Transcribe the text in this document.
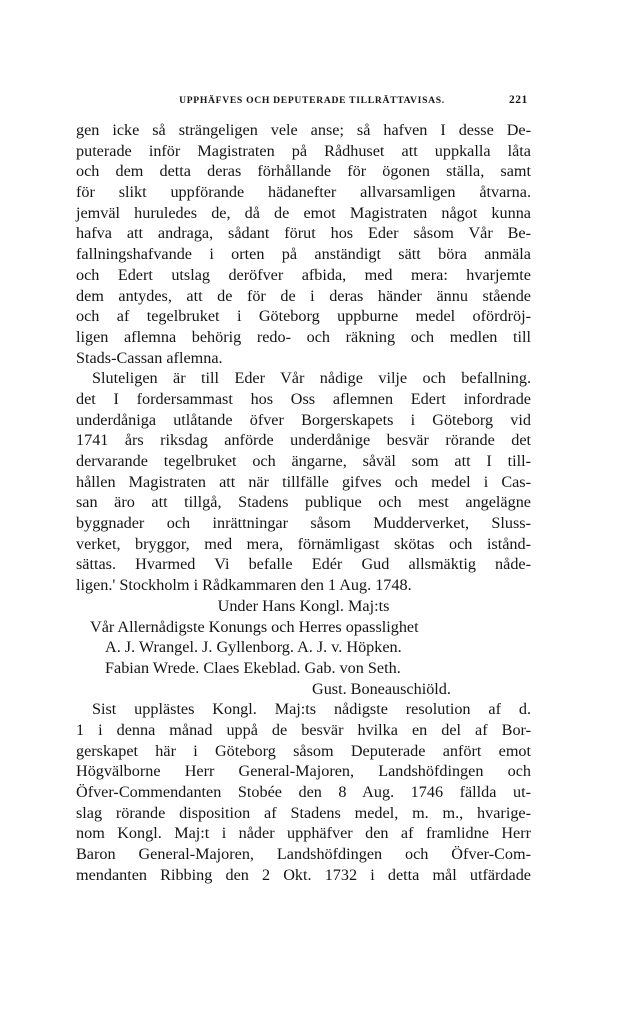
UPPHÄFVES OCH DEPUTERADE TILLRÄTTAVISAS.	221
gen icke så strängeligen vele anse; så hafven I desse De-
puterade inför Magistraten på Rådhuset att uppkalla låta
och dem detta deras förhållande för ögonen ställa, samt
för slikt uppförande hädanefter allvarsamligen åtvarna.
jemväl huruledes de, då de emot Magistraten något kunna
hafva att andraga, sådant förut hos Eder såsom Vår Be-
fallningshafvande i orten på anständigt sätt böra anmäla
och Edert utslag deröfver afbida, med mera: hvarjemte
dem antydes, att de för de i deras händer ännu stående
och af tegelbruket i Göteborg uppburne medel ofördröj-
ligen aflemna behörig redo- och räkning och medlen till
Stads-Cassan aflemna.
Sluteligen är till Eder Vår nådige vilje och befallning.
det I fordersammast hos Oss aflemnen Edert infordrade
underdåniga utlåtande öfver Borgerskapets i Göteborg vid
1741 års riksdag anförde underdånige besvär rörande det
dervarande tegelbruket och ängarne, såväl som att I till-
hållen Magistraten att när tillfälle gifves och medel i Cas-
san äro att tillgå, Stadens publique och mest angelägne
byggnader och inrättningar såsom Mudderverket, Sluss-
verket, bryggor, med mera, förnämligast skötas och istånd-
sättas. Hvarmed Vi befalle Edér Gud allsmäktig nåde-
ligen.' Stockholm i Rådkammaren den 1 Aug. 1748.
Under Hans Kongl. Maj:ts
Vår Allernådigste Konungs och Herres opasslighet
A. J. Wrangel. J. Gyllenborg. A. J. v. Höpken.
Fabian Wrede. Claes Ekeblad. Gab. von Seth.
Gust. Boneauschiöld.
Sist upplästes Kongl. Maj:ts nådigste resolution af d.
1 i denna månad uppå de besvär hvilka en del af Bor-
gerskapet här i Göteborg såsom Deputerade anfört emot
Högvälborne Herr General-Majoren, Landshöfdingen och
Öfver-Commendanten Stobée den 8 Aug. 1746 fällda ut-
slag rörande disposition af Stadens medel, m. m., hvarige-
nom Kongl. Maj:t i nåder upphäfver den af framlidne Herr
Baron General-Majoren, Landshöfdingen och Öfver-Com-
mendanten Ribbing den 2 Okt. 1732 i detta mål utfärdade
